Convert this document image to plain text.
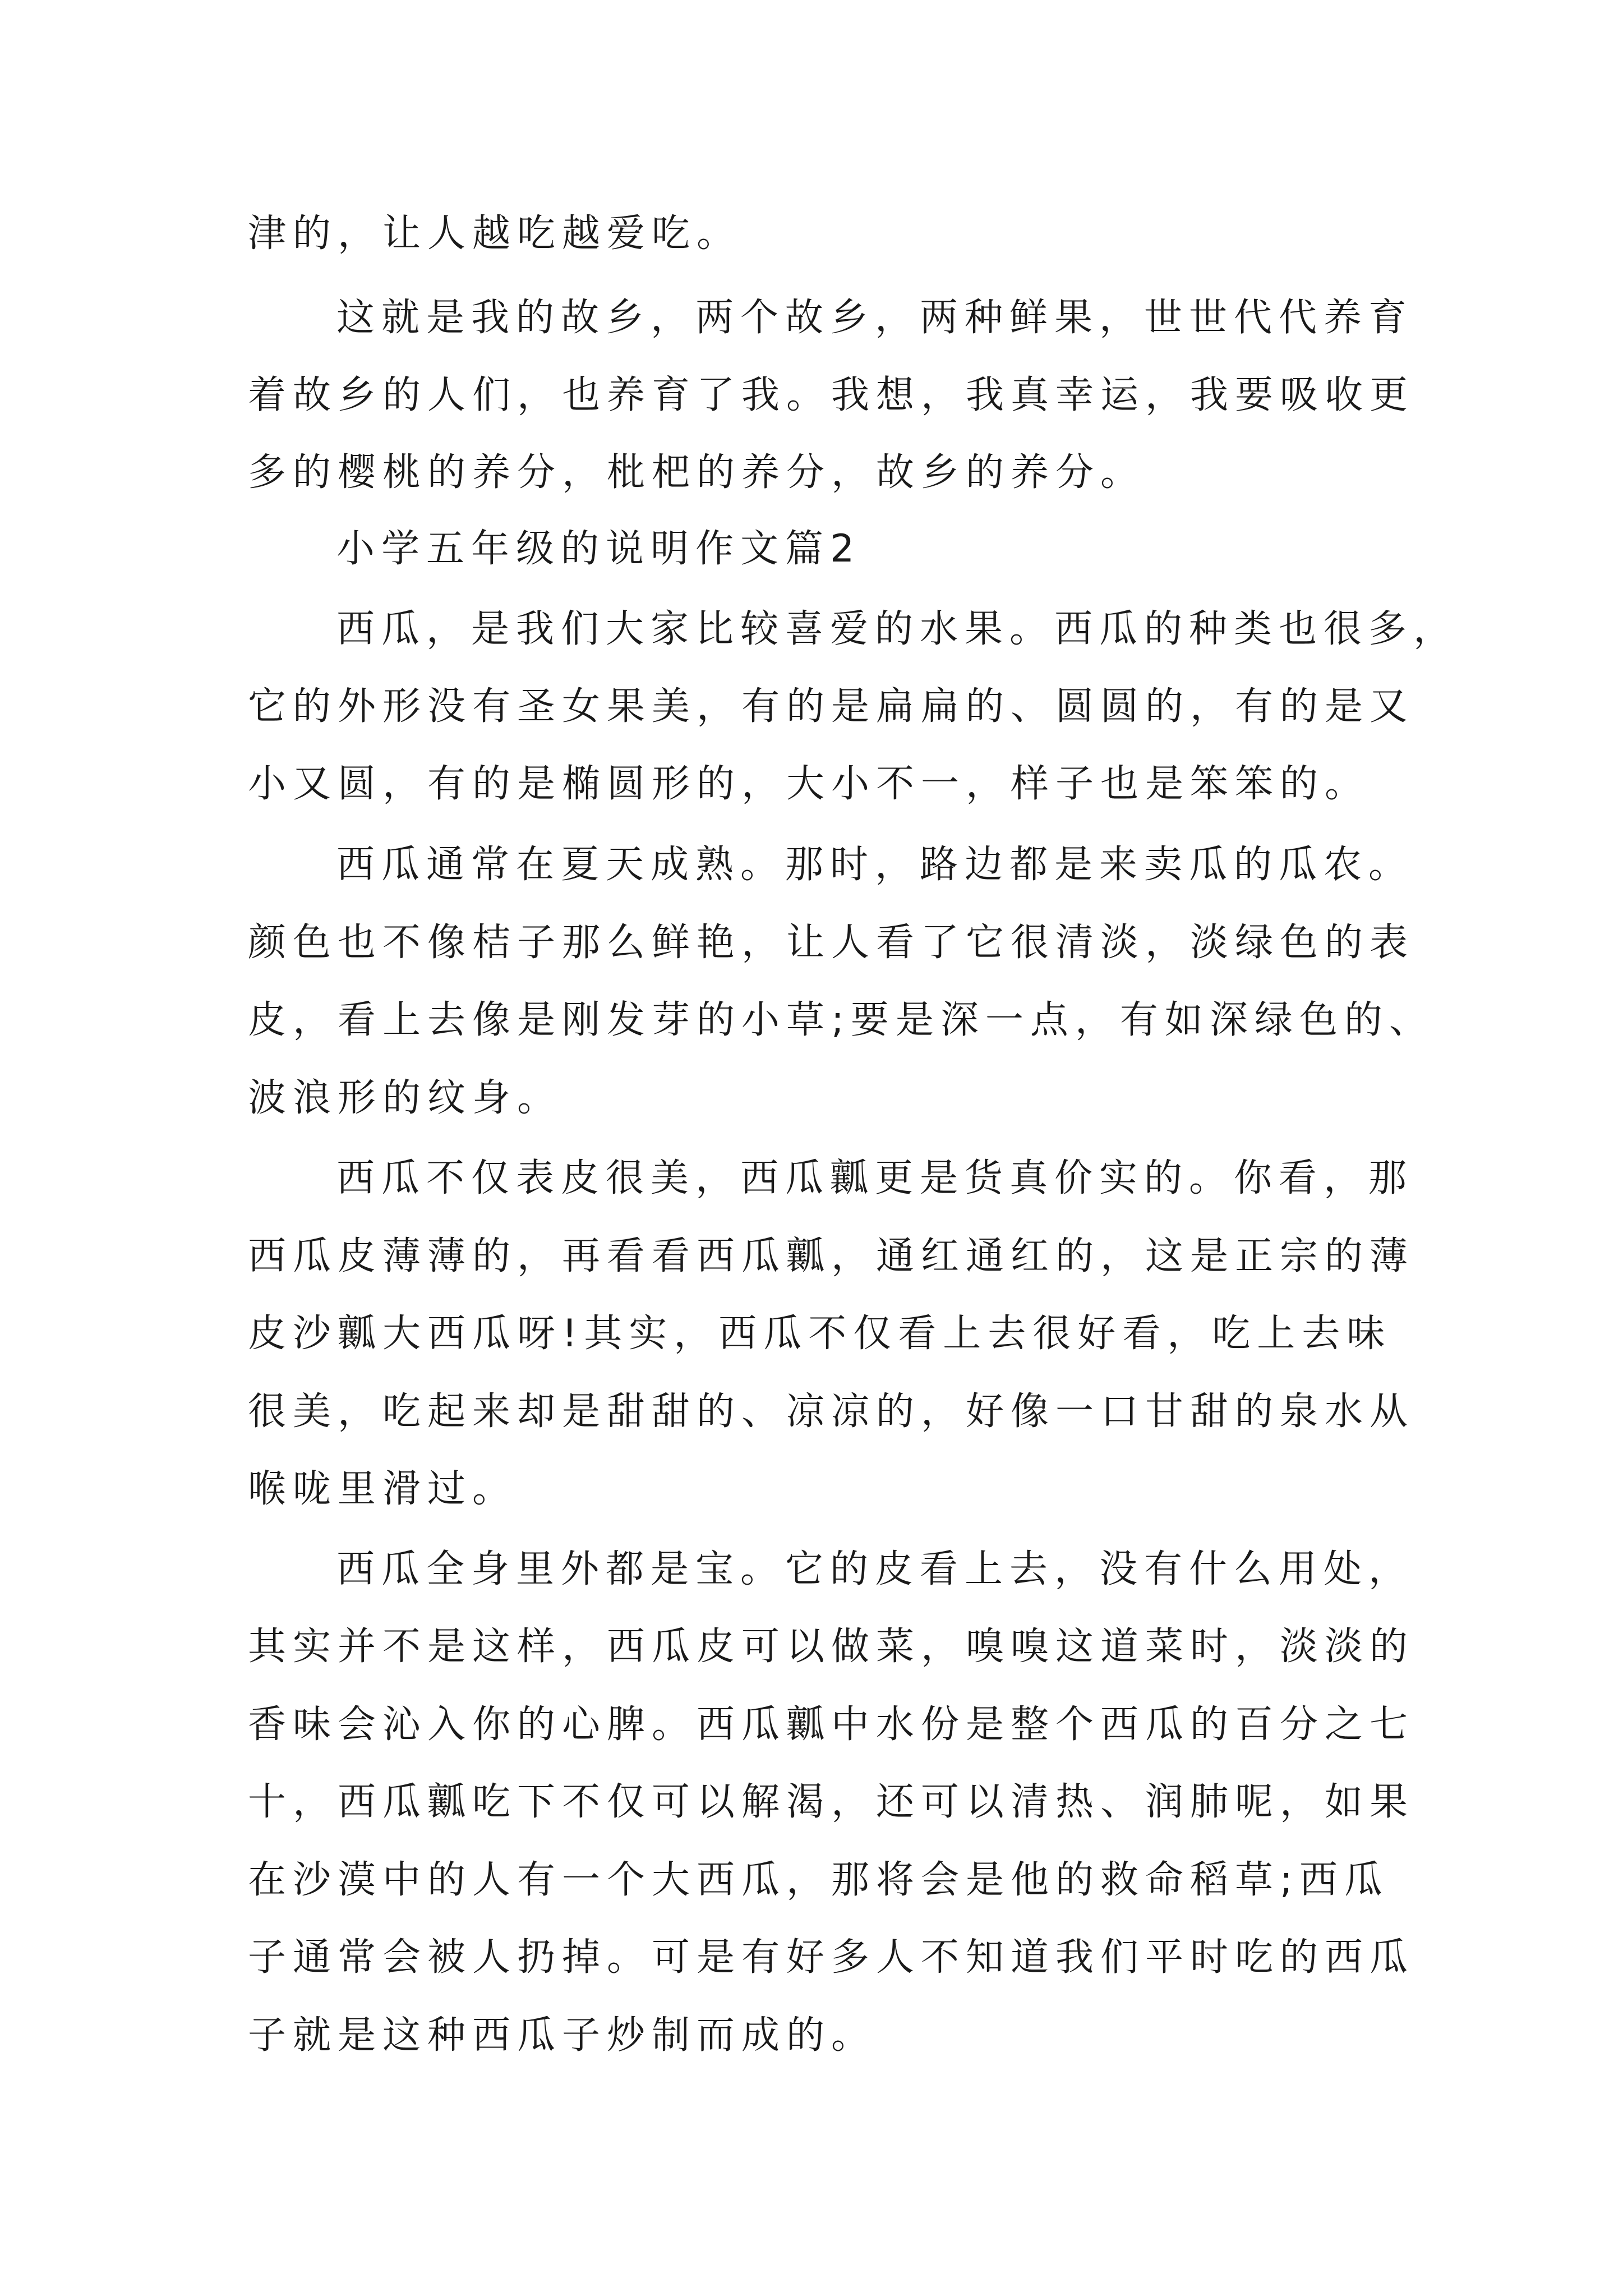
津的，让人越吃越爱吃。

这就是我的故乡，两个故乡，两种鲜果，世世代代养育

着故乡的人们，也养育了我。我想，我真幸运，我要吸收更

多的樱桃的养分，枇杷的养分，故乡的养分。

小学五年级的说明作文篇2

西瓜，是我们大家比较喜爱的水果。西瓜的种类也很多，

它的外形没有圣女果美，有的是扁扁的、圆圆的，有的是又

小又圆，有的是椭圆形的，大小不一，样子也是笨笨的。

西瓜通常在夏天成熟。那时，路边都是来卖瓜的瓜农。

颜色也不像桔子那么鲜艳，让人看了它很清淡，淡绿色的表

皮，看上去像是刚发芽的小草;要是深一点，有如深绿色的、

波浪形的纹身。

西瓜不仅表皮很美，西瓜瓤更是货真价实的。你看，那

西瓜皮薄薄的，再看看西瓜瓤，通红通红的，这是正宗的薄

皮沙瓤大西瓜呀!其实，西瓜不仅看上去很好看，吃上去味

很美，吃起来却是甜甜的、凉凉的，好像一口甘甜的泉水从

喉咙里滑过。

西瓜全身里外都是宝。它的皮看上去，没有什么用处，

其实并不是这样，西瓜皮可以做菜，嗅嗅这道菜时，淡淡的

香味会沁入你的心脾。西瓜瓤中水份是整个西瓜的百分之七

十，西瓜瓤吃下不仅可以解渴，还可以清热、润肺呢，如果

在沙漠中的人有一个大西瓜，那将会是他的救命稻草;西瓜

子通常会被人扔掉。可是有好多人不知道我们平时吃的西瓜

子就是这种西瓜子炒制而成的。
